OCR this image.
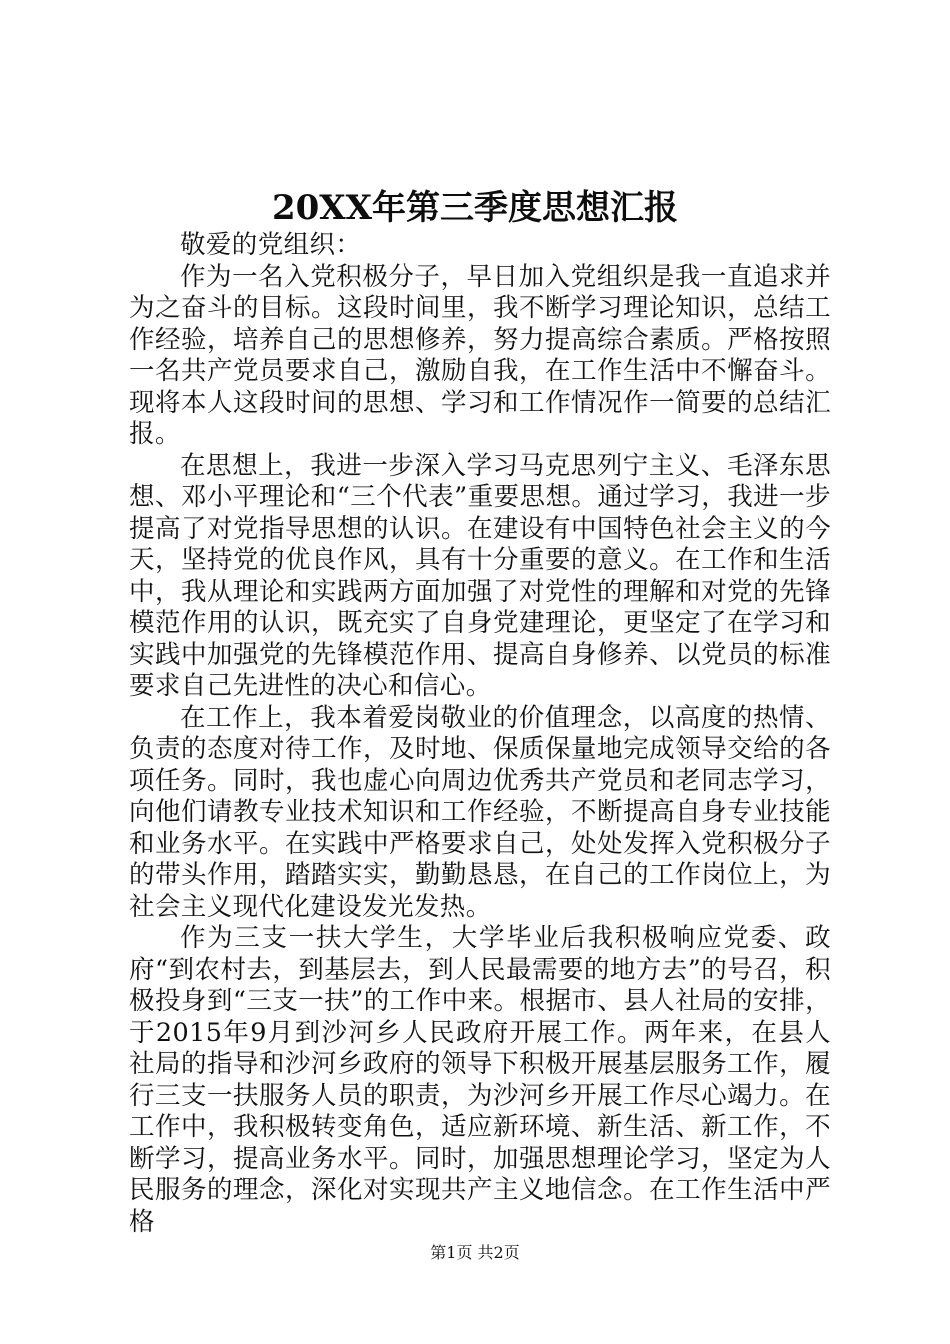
20XX年第三季度思想汇报

敬爱的党组织：

作为一名入党积极分子，早日加入党组织是我一直追求并为之奋斗的目标。这段时间里，我不断学习理论知识，总结工作经验，培养自己的思想修养，努力提高综合素质。严格按照一名共产党员要求自己，激励自我，在工作生活中不懈奋斗。现将本人这段时间的思想、学习和工作情况作一简要的总结汇报。

在思想上，我进一步深入学习马克思列宁主义、毛泽东思想、邓小平理论和“三个代表”重要思想。通过学习，我进一步提高了对党指导思想的认识。在建设有中国特色社会主义的今天，坚持党的优良作风，具有十分重要的意义。在工作和生活中，我从理论和实践两方面加强了对党性的理解和对党的先锋模范作用的认识，既充实了自身党建理论，更坚定了在学习和实践中加强党的先锋模范作用、提高自身修养、以党员的标准要求自己先进性的决心和信心。

在工作上，我本着爱岗敬业的价值理念，以高度的热情、负责的态度对待工作，及时地、保质保量地完成领导交给的各项任务。同时，我也虚心向周边优秀共产党员和老同志学习，向他们请教专业技术知识和工作经验，不断提高自身专业技能和业务水平。在实践中严格要求自己，处处发挥入党积极分子的带头作用，踏踏实实，勤勤恳恳，在自己的工作岗位上，为社会主义现代化建设发光发热。

作为三支一扶大学生，大学毕业后我积极响应党委、政府“到农村去，到基层去，到人民最需要的地方去”的号召，积极投身到“三支一扶”的工作中来。根据市、县人社局的安排，于2015年9月到沙河乡人民政府开展工作。两年来，在县人社局的指导和沙河乡政府的领导下积极开展基层服务工作，履行三支一扶服务人员的职责，为沙河乡开展工作尽心竭力。在工作中，我积极转变角色，适应新环境、新生活、新工作，不断学习，提高业务水平。同时，加强思想理论学习，坚定为人民服务的理念，深化对实现共产主义地信念。在工作生活中严格

第1页 共2页
